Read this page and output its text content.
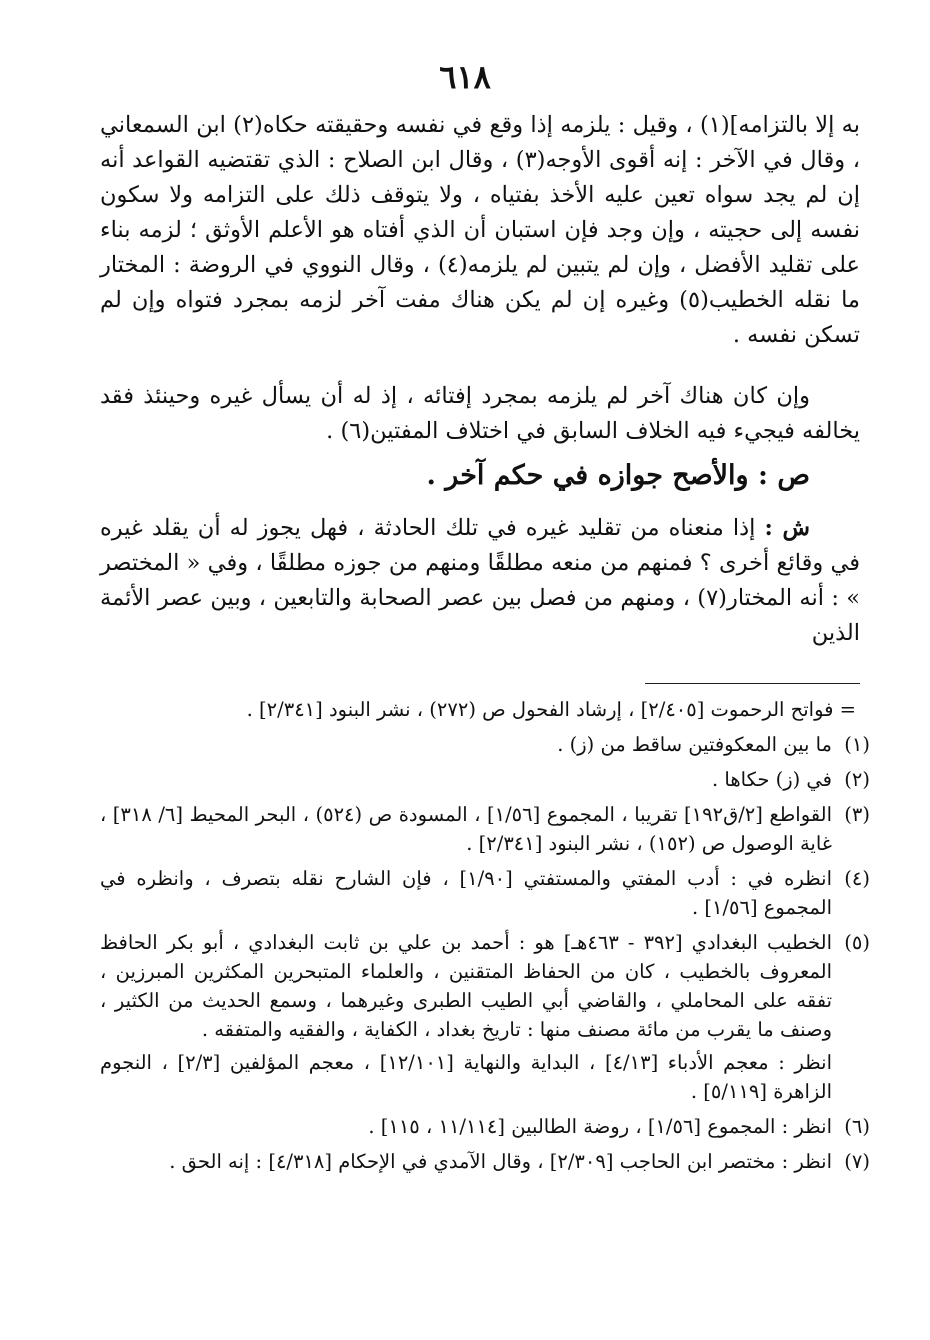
٦١٨

به إلا بالتزامه](١) ، وقيل : يلزمه إذا وقع في نفسه وحقيقته حكاه(٢) ابن السمعاني ، وقال في الآخر : إنه أقوى الأوجه(٣) ، وقال ابن الصلاح : الذي تقتضيه القواعد أنه إن لم يجد سواه تعين عليه الأخذ بفتياه ، ولا يتوقف ذلك على التزامه ولا سكون نفسه إلى حجيته ، وإن وجد فإن استبان أن الذي أفتاه هو الأعلم الأوثق ؛ لزمه بناء على تقليد الأفضل ، وإن لم يتبين لم يلزمه(٤) ، وقال النووي في الروضة : المختار ما نقله الخطيب(٥) وغيره إن لم يكن هناك مفت آخر لزمه بمجرد فتواه وإن لم تسكن نفسه .

وإن كان هناك آخر لم يلزمه بمجرد إفتائه ، إذ له أن يسأل غيره وحينئذ فقد يخالفه فيجيء فيه الخلاف السابق في اختلاف المفتين(٦) .

ص : والأصح جوازه في حكم آخر .

ش : إذا منعناه من تقليد غيره في تلك الحادثة ، فهل يجوز له أن يقلد غيره في وقائع أخرى ؟ فمنهم من منعه مطلقًا ومنهم من جوزه مطلقًا ، وفي « المختصر » : أنه المختار(٧) ، ومنهم من فصل بين عصر الصحابة والتابعين ، وبين عصر الأئمة الذين

= فواتح الرحموت [٢/٤٠٥] ، إرشاد الفحول ص (٢٧٢) ، نشر البنود [٢/٣٤١] .

(١)
ما بين المعكوفتين ساقط من (ز) .
(٢)
في (ز) حكاها .
(٣)
القواطع [٢/ق١٩٢] تقريبا ، المجموع [١/٥٦] ، المسودة ص (٥٢٤) ، البحر المحيط [٦/ ٣١٨] ، غاية الوصول ص (١٥٢) ، نشر البنود [٢/٣٤١] .
(٤)
انظره في : أدب المفتي والمستفتي [١/٩٠] ، فإن الشارح نقله بتصرف ، وانظره في المجموع [١/٥٦] .
(٥)
الخطيب البغدادي [٣٩٢ - ٤٦٣هـ] هو : أحمد بن علي بن ثابت البغدادي ، أبو بكر الحافظ المعروف بالخطيب ، كان من الحفاظ المتقنين ، والعلماء المتبحرين المكثرين المبرزين ، تفقه على المحاملي ، والقاضي أبي الطيب الطبرى وغيرهما ، وسمع الحديث من الكثير ، وصنف ما يقرب من مائة مصنف منها : تاريخ بغداد ، الكفاية ، والفقيه والمتفقه .

انظر : معجم الأدباء [٤/١٣] ، البداية والنهاية [١٢/١٠١] ، معجم المؤلفين [٢/٣] ، النجوم الزاهرة [٥/١١٩] .

(٦)
انظر : المجموع [١/٥٦] ، روضة الطالبين [١١/١١٤ ، ١١٥] .
(٧)
انظر : مختصر ابن الحاجب [٢/٣٠٩] ، وقال الآمدي في الإحكام [٤/٣١٨] : إنه الحق .
